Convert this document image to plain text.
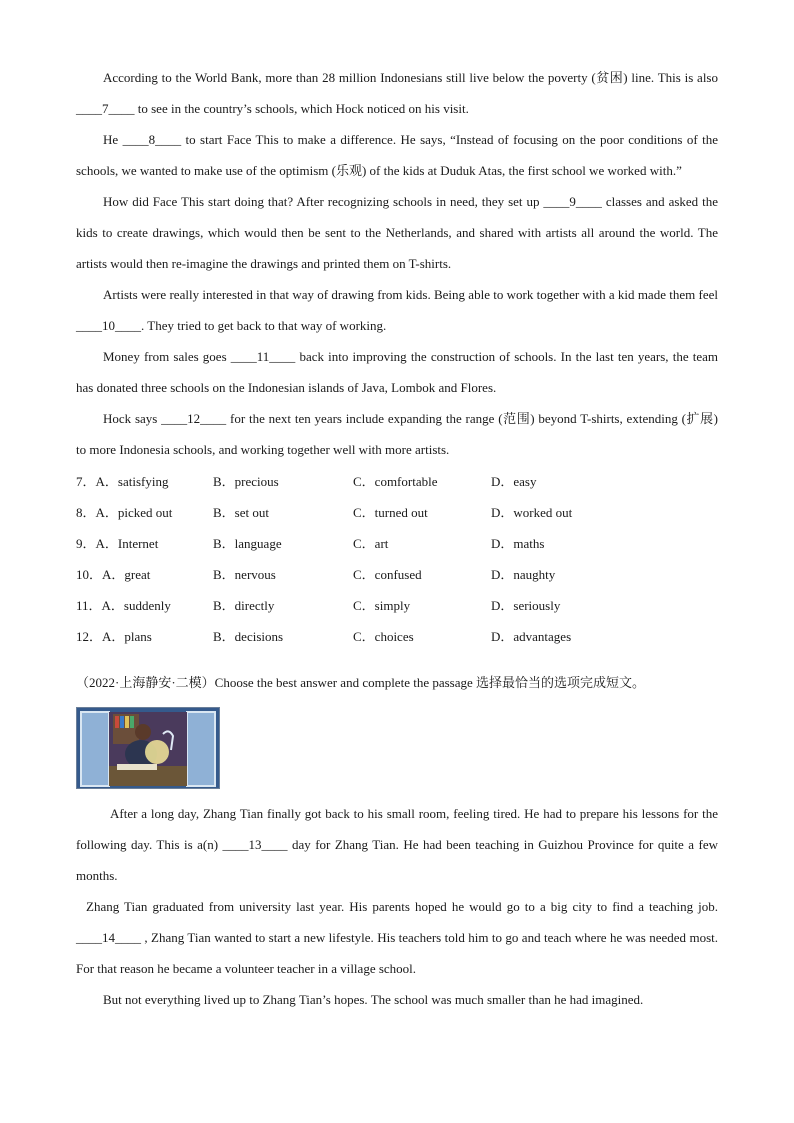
According to the World Bank, more than 28 million Indonesians still live below the poverty (贫困) line. This is also ____7____ to see in the country’s schools, which Hock noticed on his visit.

He ____8____ to start Face This to make a difference. He says, “Instead of focusing on the poor conditions of the schools, we wanted to make use of the optimism (乐观) of the kids at Duduk Atas, the first school we worked with.”

How did Face This start doing that? After recognizing schools in need, they set up ____9____ classes and asked the kids to create drawings, which would then be sent to the Netherlands, and shared with artists all around the world. The artists would then re-imagine the drawings and printed them on T-shirts.

Artists were really interested in that way of drawing from kids. Being able to work together with a kid made them feel ____10____. They tried to get back to that way of working.

Money from sales goes ____11____ back into improving the construction of schools. In the last ten years, the team has donated three schools on the Indonesian islands of Java, Lombok and Flores.

Hock says ____12____ for the next ten years include expanding the range (范围) beyond T-shirts, extending (扩展) to more Indonesia schools, and working together well with more artists.

7．A．satisfying	B．precious	C．comfortable	D．easy
8．A．picked out	B．set out	C．turned out	D．worked out
9．A．Internet	B．language	C．art	D．maths
10．A．great	B．nervous	C．confused	D．naughty
11．A．suddenly	B．directly	C．simply	D．seriously
12．A．plans	B．decisions	C．choices	D．advantages
（2022·上海静安·二模）Choose the best answer and complete the passage 选择最恰当的选项完成短文。

After a long day, Zhang Tian finally got back to his small room, feeling tired. He had to prepare his lessons for the following day. This is a(n) ____13____ day for Zhang Tian. He had been teaching in Guizhou Province for quite a few months.

Zhang Tian graduated from university last year. His parents hoped he would go to a big city to find a teaching job. ____14____ , Zhang Tian wanted to start a new lifestyle. His teachers told him to go and teach where he was needed most. For that reason he became a volunteer teacher in a village school.

But not everything lived up to Zhang Tian’s hopes. The school was much smaller than he had imagined.
